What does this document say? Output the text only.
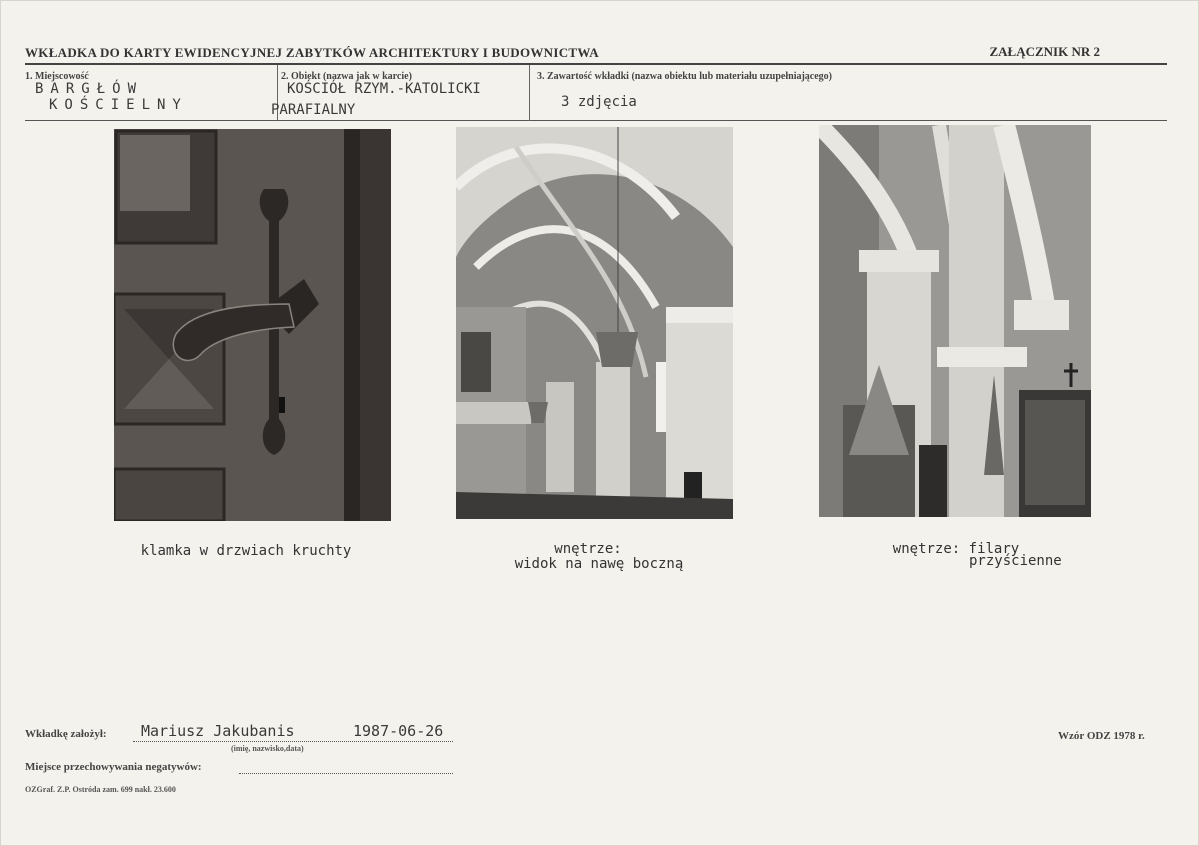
WKŁADKA DO KARTY EWIDENCYJNEJ ZABYTKÓW ARCHITEKTURY I BUDOWNICTWA	ZAŁĄCZNIK NR 2
1. Miejscowość
BARGŁÓW
KOŚCIELNY
2. Obiekt (nazwa jak w karcie)
KOŚCIÓŁ RZYM.-KATOLICKI
PARAFIALNY
3. Zawartość wkładki (nazwa obiektu lub materiału uzupełniającego)
3 zdjęcia
klamka w drzwiach kruchty	wnętrze:
widok na nawę boczną
wnętrze: filary
przyścienne
Wkładkę założył: Mariusz Jakubanis	1987-06-26
(imię, nazwisko,data)
Wzór ODZ 1978 r.
Miejsce przechowywania negatywów:
OZGraf. Z.P. Ostróda zam. 699 nakł. 23.600
